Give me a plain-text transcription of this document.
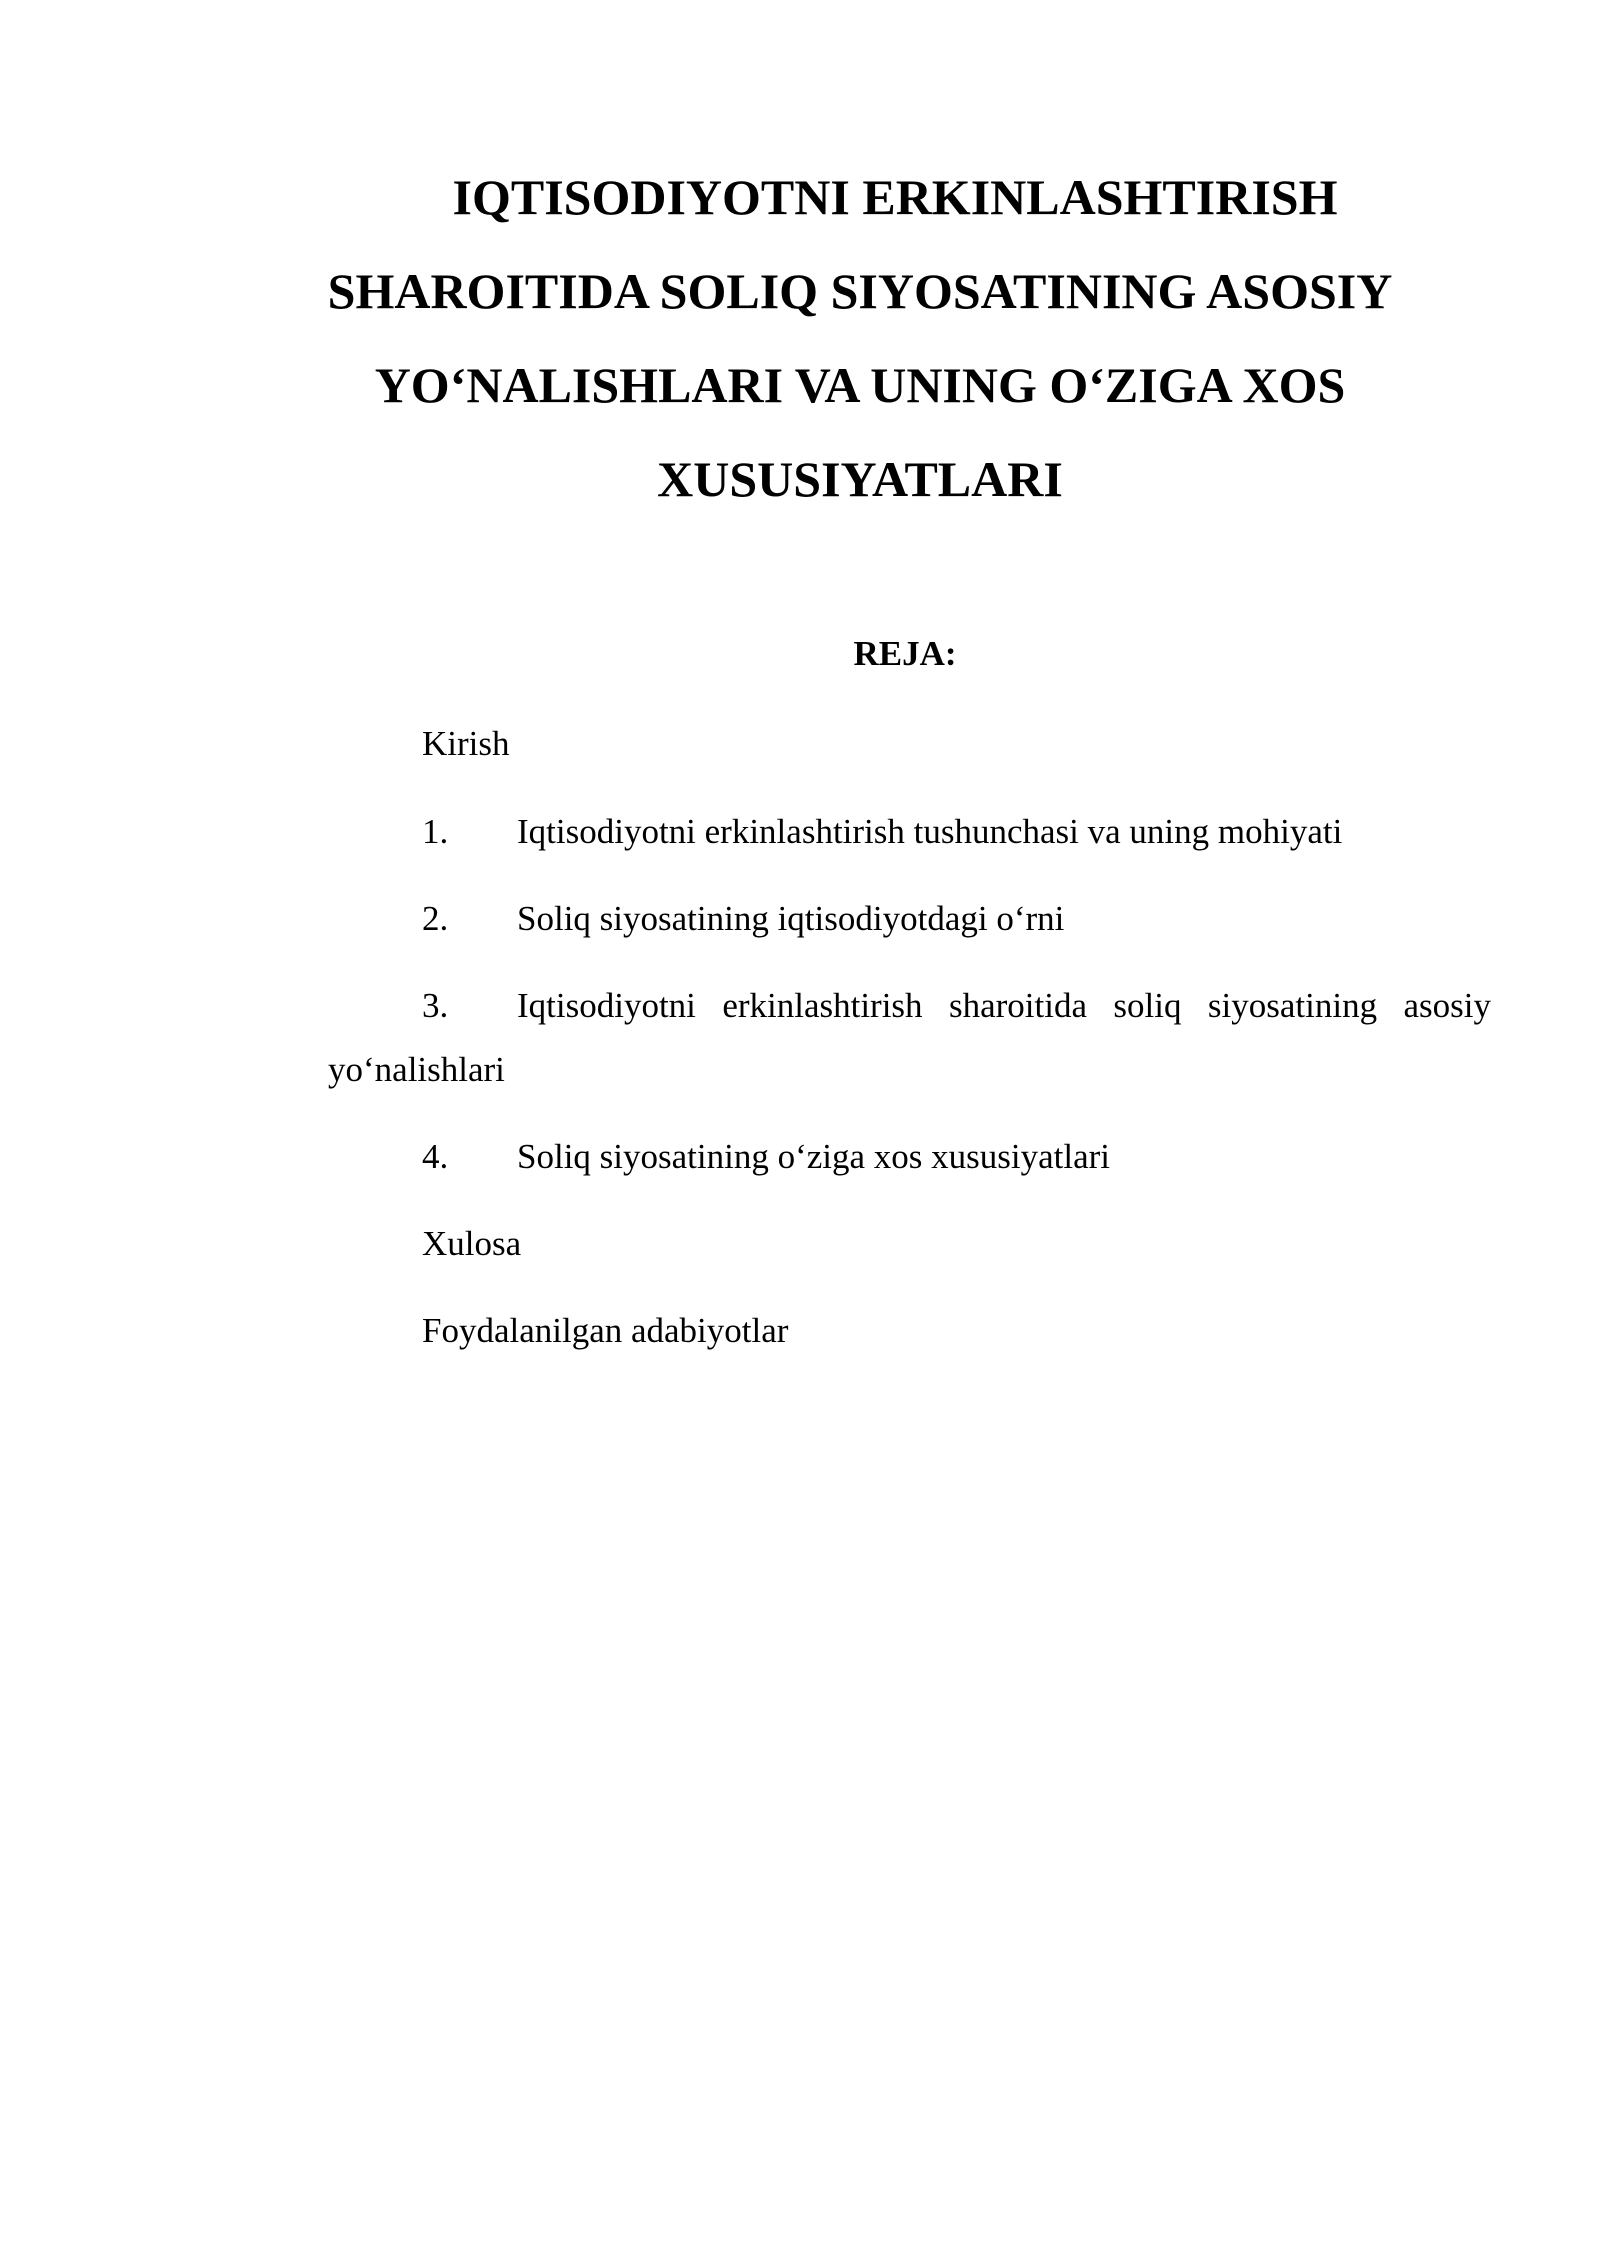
IQTISODIYOTNI ERKINLASHTIRISH SHAROITIDA SOLIQ SIYOSATINING ASOSIY YO‘NALISHLARI VA UNING O‘ZIGA XOS XUSUSIYATLARI
REJA:
Kirish
1. Iqtisodiyotni erkinlashtirish tushunchasi va uning mohiyati
2. Soliq siyosatining iqtisodiyotdagi o‘rni
3. Iqtisodiyotni erkinlashtirish sharoitida soliq siyosatining asosiy
yo‘nalishlari
4. Soliq siyosatining o‘ziga xos xususiyatlari
Xulosa
Foydalanilgan adabiyotlar
